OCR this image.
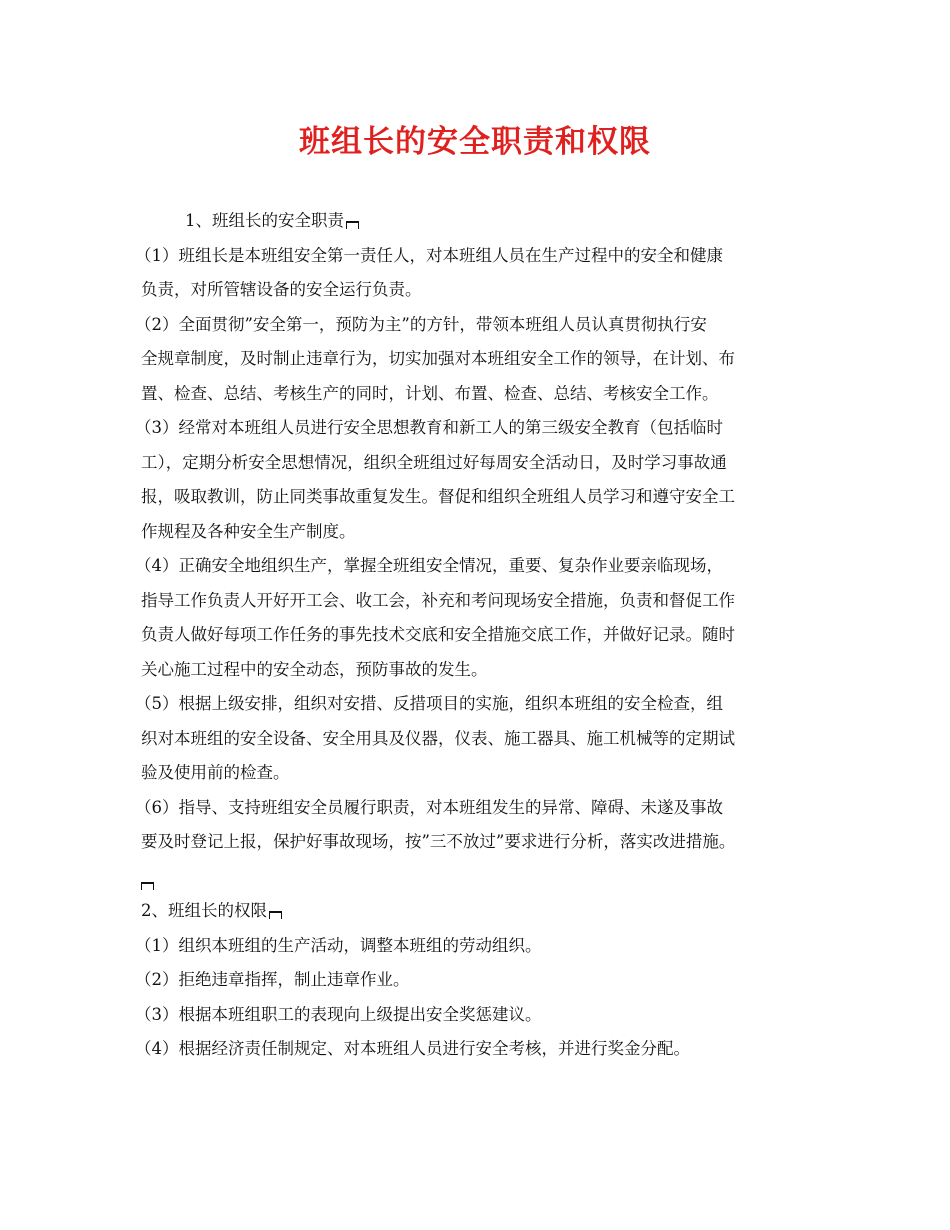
班组长的安全职责和权限
1、班组长的安全职责
（1）班组长是本班组安全第一责任人，对本班组人员在生产过程中的安全和健康
负责，对所管辖设备的安全运行负责。
（2）全面贯彻”安全第一，预防为主”的方针，带领本班组人员认真贯彻执行安
全规章制度，及时制止违章行为，切实加强对本班组安全工作的领导，在计划、布
置、检查、总结、考核生产的同时，计划、布置、检查、总结、考核安全工作。
（3）经常对本班组人员进行安全思想教育和新工人的第三级安全教育（包括临时
工），定期分析安全思想情况，组织全班组过好每周安全活动日，及时学习事故通
报，吸取教训，防止同类事故重复发生。督促和组织全班组人员学习和遵守安全工
作规程及各种安全生产制度。
（4）正确安全地组织生产，掌握全班组安全情况，重要、复杂作业要亲临现场，
指导工作负责人开好开工会、收工会，补充和考问现场安全措施，负责和督促工作
负责人做好每项工作任务的事先技术交底和安全措施交底工作，并做好记录。随时
关心施工过程中的安全动态，预防事故的发生。
（5）根据上级安排，组织对安措、反措项目的实施，组织本班组的安全检查，组
织对本班组的安全设备、安全用具及仪器，仪表、施工器具、施工机械等的定期试
验及使用前的检查。
（6）指导、支持班组安全员履行职责，对本班组发生的异常、障碍、未遂及事故
要及时登记上报，保护好事故现场，按”三不放过”要求进行分析，落实改进措施。
2、班组长的权限
（1）组织本班组的生产活动，调整本班组的劳动组织。
（2）拒绝违章指挥，制止违章作业。
（3）根据本班组职工的表现向上级提出安全奖惩建议。
（4）根据经济责任制规定、对本班组人员进行安全考核，并进行奖金分配。
